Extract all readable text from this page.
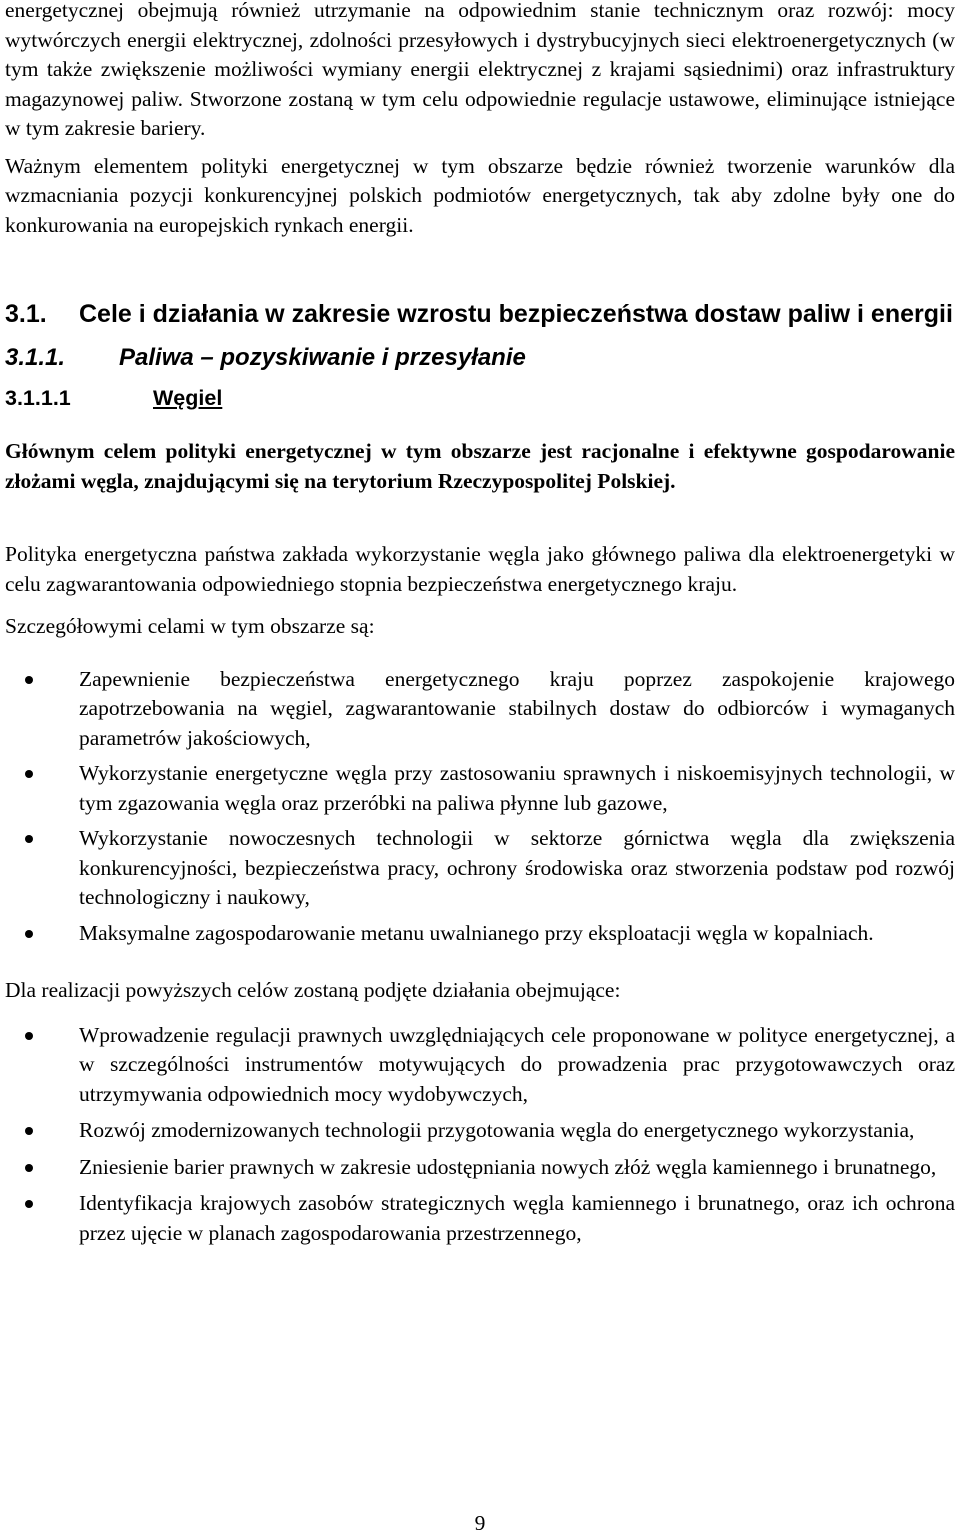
energetycznej obejmują również utrzymanie na odpowiednim stanie technicznym oraz rozwój: mocy wytwórczych energii elektrycznej, zdolności przesyłowych i dystrybucyjnych sieci elektroenergetycznych (w tym także zwiększenie możliwości wymiany energii elektrycznej z krajami sąsiednimi) oraz infrastruktury magazynowej paliw. Stworzone zostaną w tym celu odpowiednie regulacje ustawowe, eliminujące istniejące w tym zakresie bariery.

Ważnym elementem polityki energetycznej w tym obszarze będzie również tworzenie warunków dla wzmacniania pozycji konkurencyjnej polskich podmiotów energetycznych, tak aby zdolne były one do konkurowania na europejskich rynkach energii.

3.1.	Cele i działania w zakresie wzrostu bezpieczeństwa dostaw paliw i energii
3.1.1.	Paliwa – pozyskiwanie i przesyłanie
3.1.1.1	Węgiel

Głównym celem polityki energetycznej w tym obszarze jest racjonalne i efektywne gospodarowanie złożami węgla, znajdującymi się na terytorium Rzeczypospolitej Polskiej.

Polityka energetyczna państwa zakłada wykorzystanie węgla jako głównego paliwa dla elektroenergetyki w celu zagwarantowania odpowiedniego stopnia bezpieczeństwa energetycznego kraju.

Szczegółowymi celami w tym obszarze są:

Zapewnienie bezpieczeństwa energetycznego kraju poprzez zaspokojenie krajowego zapotrzebowania na węgiel, zagwarantowanie stabilnych dostaw do odbiorców i wymaganych parametrów jakościowych,
Wykorzystanie energetyczne węgla przy zastosowaniu sprawnych i niskoemisyjnych technologii, w tym zgazowania węgla oraz przeróbki na paliwa płynne lub gazowe,
Wykorzystanie nowoczesnych technologii w sektorze górnictwa węgla dla zwiększenia konkurencyjności, bezpieczeństwa pracy, ochrony środowiska oraz stworzenia podstaw pod rozwój technologiczny i naukowy,
Maksymalne zagospodarowanie metanu uwalnianego przy eksploatacji węgla w kopalniach.

Dla realizacji powyższych celów zostaną podjęte działania obejmujące:

Wprowadzenie regulacji prawnych uwzględniających cele proponowane w polityce energetycznej, a w szczególności instrumentów motywujących do prowadzenia prac przygotowawczych oraz utrzymywania odpowiednich mocy wydobywczych,
Rozwój zmodernizowanych technologii przygotowania węgla do energetycznego wykorzystania,
Zniesienie barier prawnych w zakresie udostępniania nowych złóż węgla kamiennego i brunatnego,
Identyfikacja krajowych zasobów strategicznych węgla kamiennego i brunatnego, oraz ich ochrona przez ujęcie w planach zagospodarowania przestrzennego,
9
